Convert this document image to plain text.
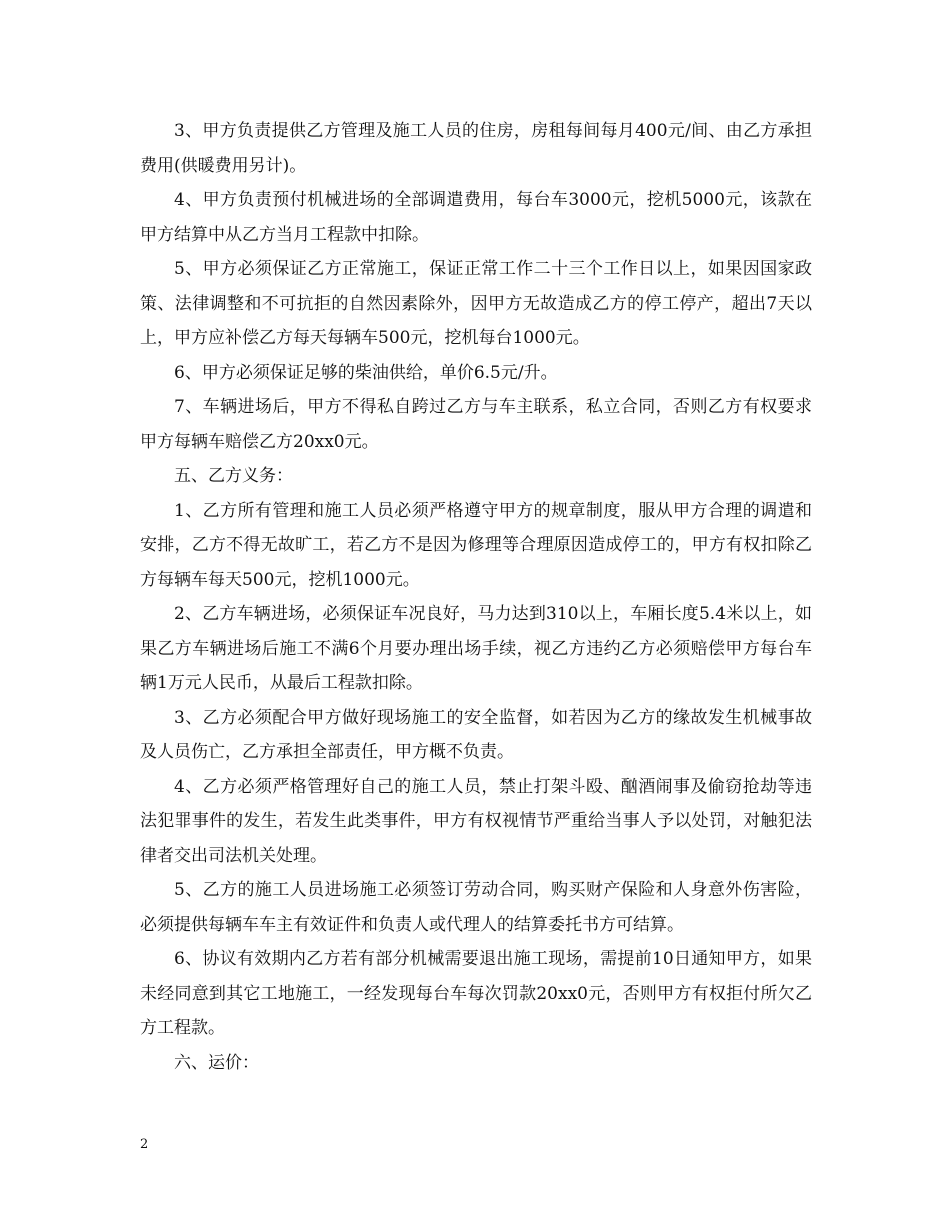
3、甲方负责提供乙方管理及施工人员的住房，房租每间每月400元/间、由乙方承担费用(供暖费用另计)。

4、甲方负责预付机械进场的全部调遣费用，每台车3000元，挖机5000元，该款在甲方结算中从乙方当月工程款中扣除。

5、甲方必须保证乙方正常施工，保证正常工作二十三个工作日以上，如果因国家政策、法律调整和不可抗拒的自然因素除外，因甲方无故造成乙方的停工停产，超出7天以上，甲方应补偿乙方每天每辆车500元，挖机每台1000元。

6、甲方必须保证足够的柴油供给，单价6.5元/升。

7、车辆进场后，甲方不得私自跨过乙方与车主联系，私立合同，否则乙方有权要求甲方每辆车赔偿乙方20xx0元。

五、乙方义务：

1、乙方所有管理和施工人员必须严格遵守甲方的规章制度，服从甲方合理的调遣和安排，乙方不得无故旷工，若乙方不是因为修理等合理原因造成停工的，甲方有权扣除乙方每辆车每天500元，挖机1000元。

2、乙方车辆进场，必须保证车况良好，马力达到310以上，车厢长度5.4米以上，如果乙方车辆进场后施工不满6个月要办理出场手续，视乙方违约乙方必须赔偿甲方每台车辆1万元人民币，从最后工程款扣除。

3、乙方必须配合甲方做好现场施工的安全监督，如若因为乙方的缘故发生机械事故及人员伤亡，乙方承担全部责任，甲方概不负责。

4、乙方必须严格管理好自己的施工人员，禁止打架斗殴、酗酒闹事及偷窃抢劫等违法犯罪事件的发生，若发生此类事件，甲方有权视情节严重给当事人予以处罚，对触犯法律者交出司法机关处理。

5、乙方的施工人员进场施工必须签订劳动合同，购买财产保险和人身意外伤害险，必须提供每辆车车主有效证件和负责人或代理人的结算委托书方可结算。

6、协议有效期内乙方若有部分机械需要退出施工现场，需提前10日通知甲方，如果未经同意到其它工地施工，一经发现每台车每次罚款20xx0元，否则甲方有权拒付所欠乙方工程款。

六、运价：

2
